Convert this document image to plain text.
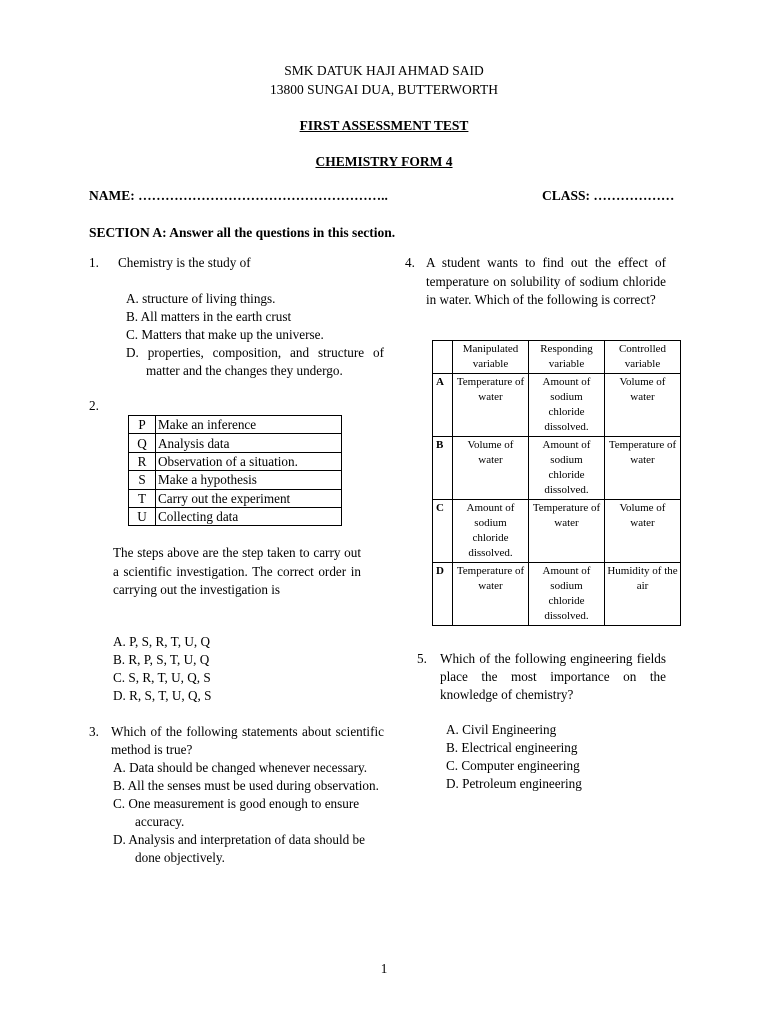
SMK DATUK HAJI AHMAD SAID
13800 SUNGAI DUA, BUTTERWORTH
FIRST ASSESSMENT TEST
CHEMISTRY FORM 4
NAME: ………………………………………………..	CLASS: ………………
SECTION A: Answer all the questions in this section.
1. Chemistry is the study of
A. structure of living things.
B. All matters in the earth crust
C. Matters that make up the universe.
D. properties, composition, and structure of matter and the changes they undergo.
2.
P	Make an inference
Q	Analysis data
R	Observation of a situation.
S	Make a hypothesis
T	Carry out the experiment
U	Collecting data
The steps above are the step taken to carry out a scientific investigation. The correct order in carrying out the investigation is
A. P, S, R, T, U, Q
B. R, P, S, T, U, Q
C. S, R, T, U, Q, S
D. R, S, T, U, Q, S
3. Which of the following statements about scientific method is true?
A. Data should be changed whenever necessary.
B. All the senses must be used during observation.
C. One measurement is good enough to ensure accuracy.
D. Analysis and interpretation of data should be done objectively.
4. A student wants to find out the effect of temperature on solubility of sodium chloride in water. Which of the following is correct?
	Manipulated variable	Responding variable	Controlled variable
A	Temperature of water	Amount of sodium chloride dissolved.	Volume of water
B	Volume of water	Amount of sodium chloride dissolved.	Temperature of water
C	Amount of sodium chloride dissolved.	Temperature of water	Volume of water
D	Temperature of water	Amount of sodium chloride dissolved.	Humidity of the air
5. Which of the following engineering fields place the most importance on the knowledge of chemistry?
A. Civil Engineering
B. Electrical engineering
C. Computer engineering
D. Petroleum engineering
1
